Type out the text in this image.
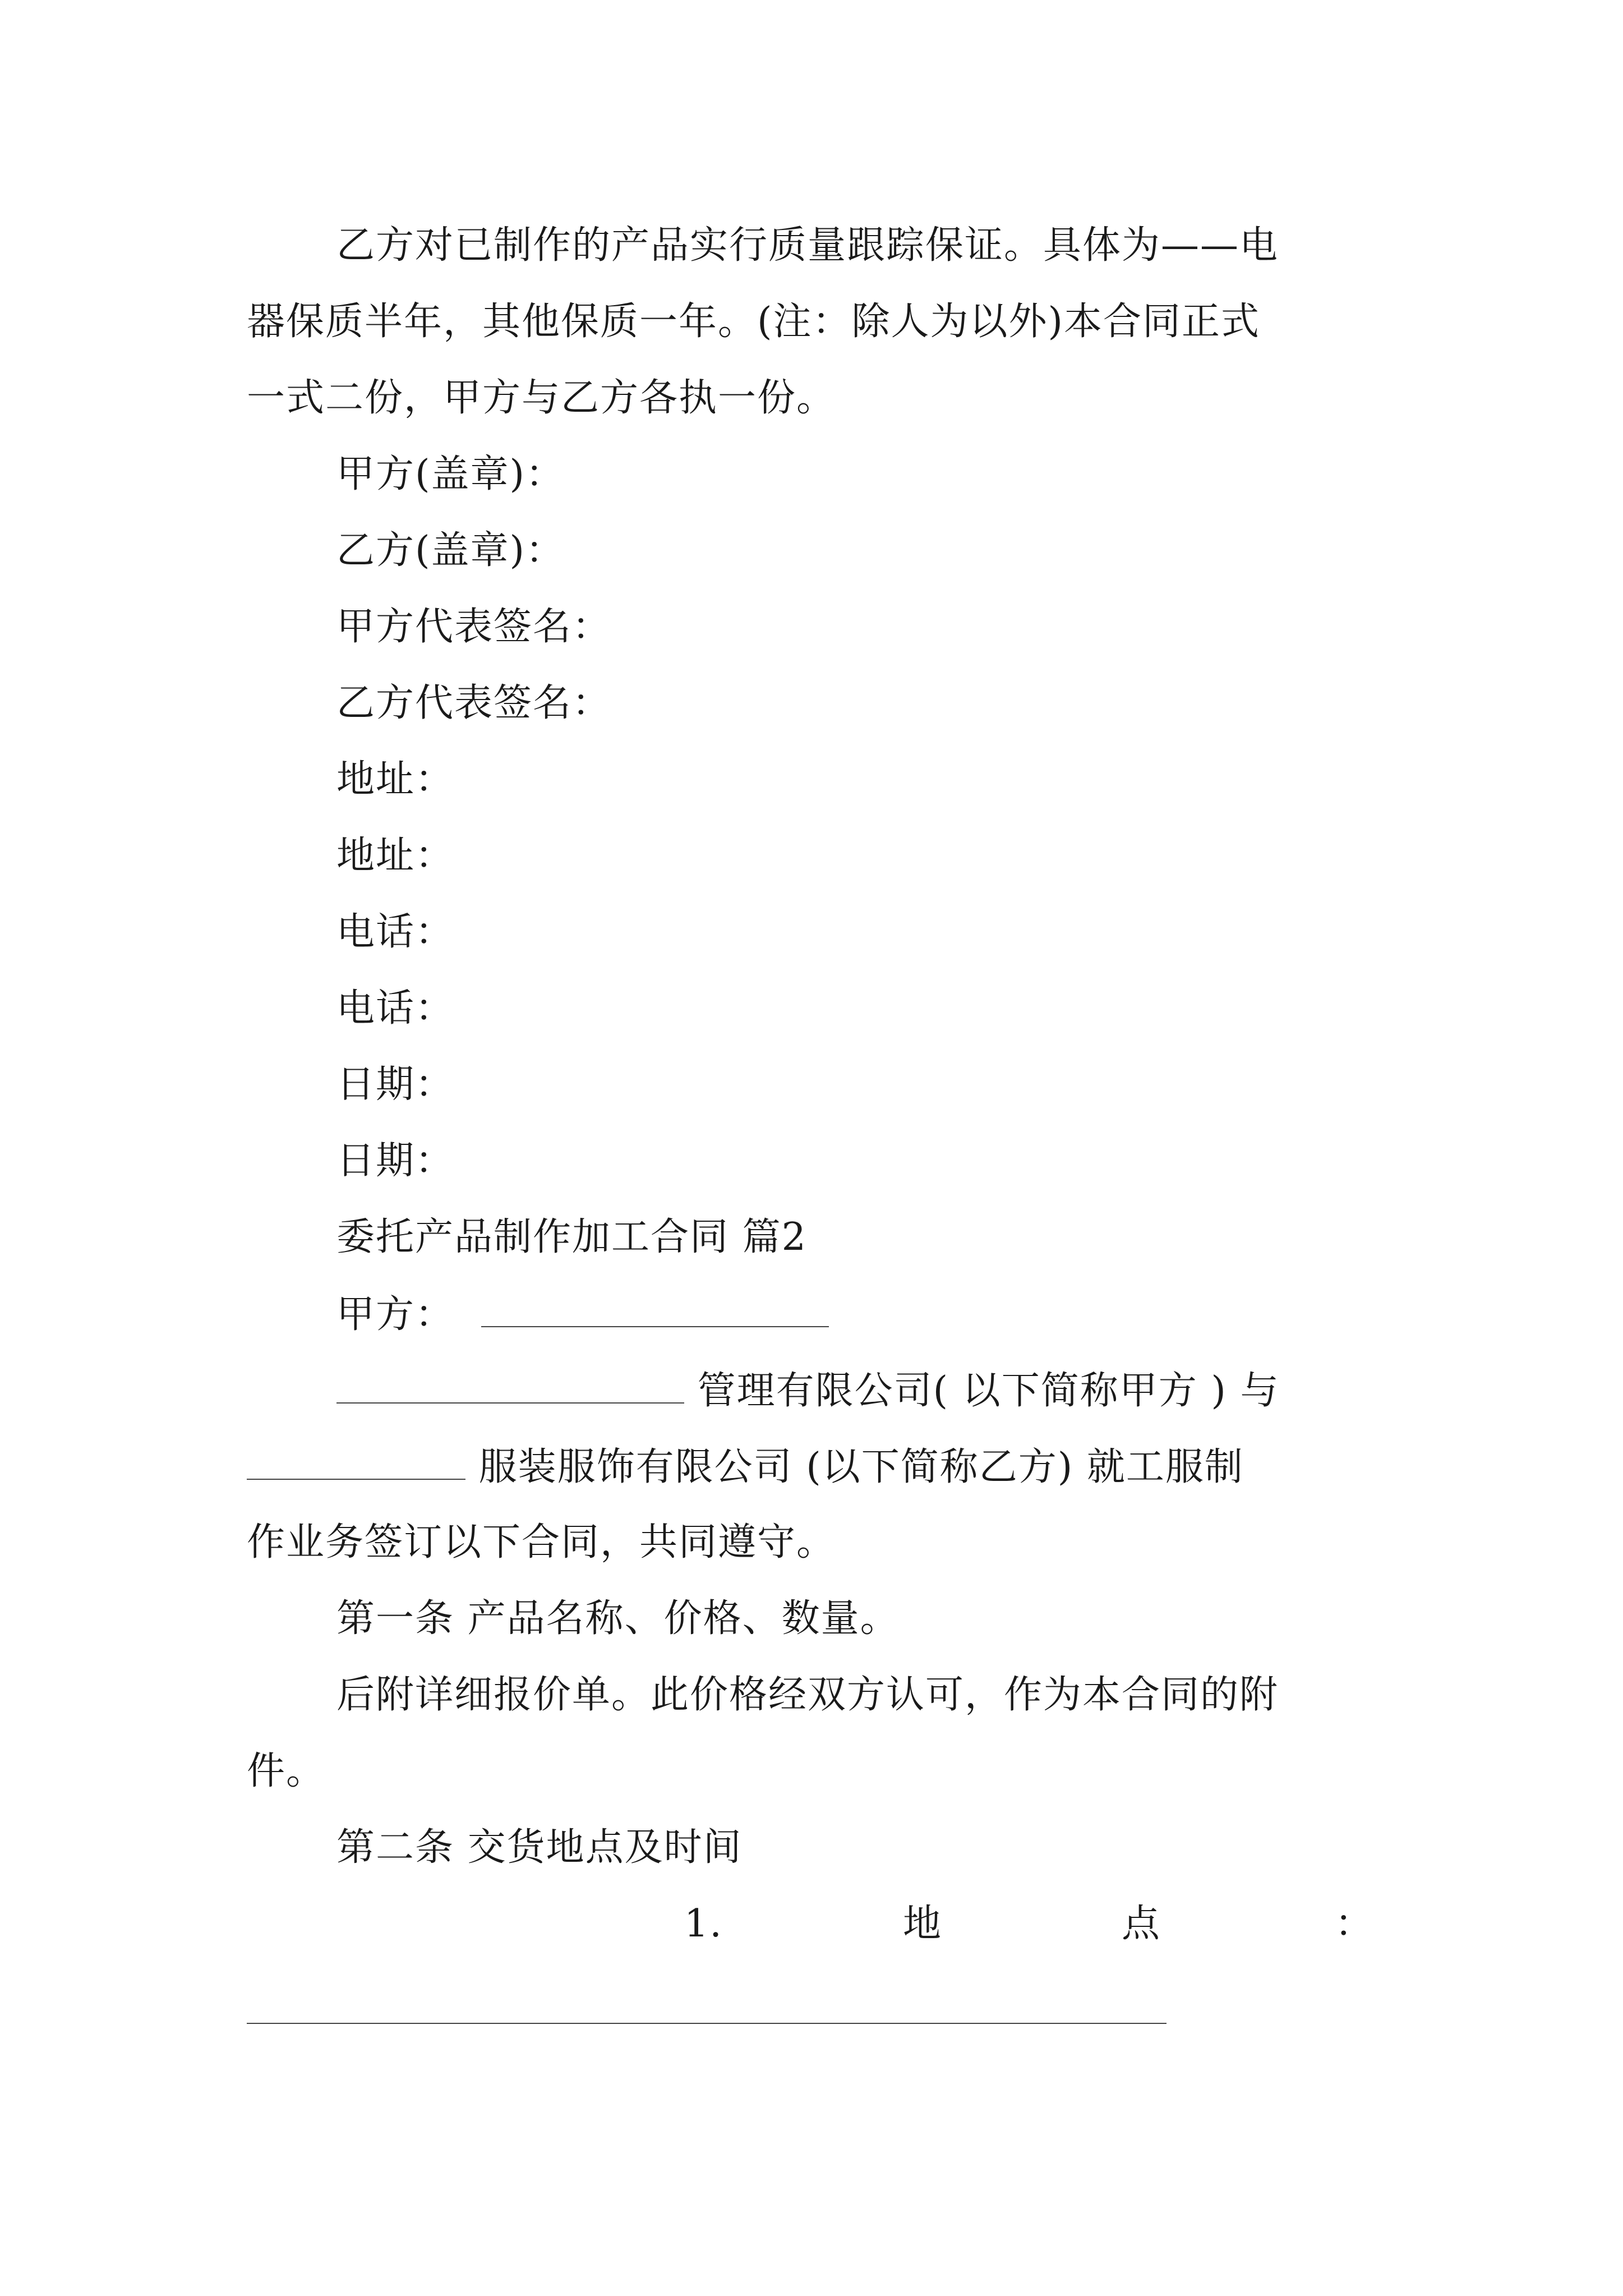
乙方对已制作的产品实行质量跟踪保证。具体为——电
器保质半年，其他保质一年。(注：除人为以外)本合同正式
一式二份，甲方与乙方各执一份。
甲方(盖章)：
乙方(盖章)：
甲方代表签名：
乙方代表签名：
地址：
地址：
电话：
电话：
日期：
日期：
委托产品制作加工合同 篇2
甲方：
管理有限公司( 以下简称甲方 ) 与
服装服饰有限公司 (以下简称乙方) 就工服制
作业务签订以下合同，共同遵守。
第一条 产品名称、价格、数量。
后附详细报价单。此价格经双方认可，作为本合同的附
件。
第二条 交货地点及时间
1.	地	点	：
